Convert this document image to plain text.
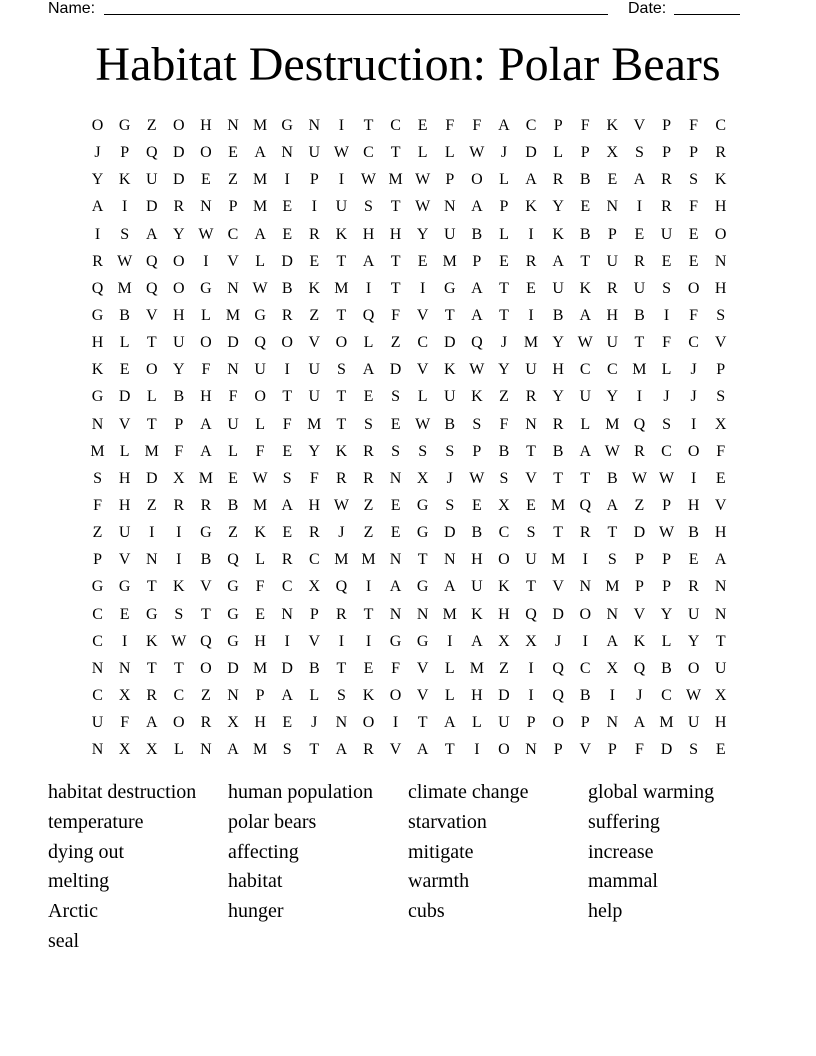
Name:	Date:
Habitat Destruction: Polar Bears
O G	Z	O H N M G N	I	T	C	E	F	F	A C	P	F	K V	P	F	C
J	P	Q D O	E	A N U W C	T	L	L W	J	D	L	P	X	S	P	P	R
Y K U D	E	Z M	I	P	I	W M W P	O	L	A R	B	E	A R	S	K
A	I	D R N	P M E	I	U	S	T W N A	P	K Y	E	N	I	R	F	H
I	S	A Y W C A	E	R K H H Y U B	L	I	K B	P	E	U	E	O
R W Q O	I	V	L	D	E	T	A	T	E M P	E	R A	T	U R	E	E	N
Q M Q O G N W B K M	I	T	I	G A	T	E	U K R U	S	O H
G B V H	L M G R	Z	T	Q	F	V	T	A	T	I	B A H B	I	F	S
H	L	T	U O D Q O V O	L	Z	C D Q	J	M Y W U	T	F	C V
K	E	O Y	F	N U	I	U	S	A D V K W Y U H C	C M L	J	P
G D	L	B H	F	O	T	U	T	E	S	L	U K	Z	R Y U Y	I	J	J	S
N V	T	P	A U	L	F M T	S	E W B	S	F	N R	L M Q	S	I	X
M L M F	A	L	F	E	Y K R	S	S	S	P	B	T	B A W R	C O	F
S	H D X M E W S	F	R	R N X	J	W S	V	T	T	B W W	I	E
F	H	Z	R	R	B M A H W Z	E	G	S	E	X	E M Q A	Z	P	H V
Z	U	I	I	G	Z	K	E	R	J	Z	E	G D B	C	S	T	R	T	D W B H
P	V N	I	B Q	L	R	C M M N	T	N H O U M	I	S	P	P	E	A
G G	T	K V G	F	C X Q	I	A G A U K	T	V N M P	P	R N
C	E	G	S	T	G	E	N	P	R	T	N N M K H Q D O N V Y U N
C	I	K W Q G H	I	V	I	I	G G	I	A X X	J	I	A K	L	Y	T
N N	T	T	O D M D B	T	E	F	V	L M Z	I	Q C X Q B O U
C X R	C	Z	N	P	A	L	S	K O V	L	H D	I	Q B	I	J	C W X
U	F	A O R X H	E	J	N O	I	T	A	L	U	P	O	P	N A M U H
N X X	L	N A M S	T	A R V A	T	I	O N	P	V	P	F	D	S	E
habitat destruction	human population	climate change	global warming
temperature	polar bears	starvation	suffering
dying out	affecting	mitigate	increase
melting	habitat	warmth	mammal
Arctic	hunger	cubs	help
seal
